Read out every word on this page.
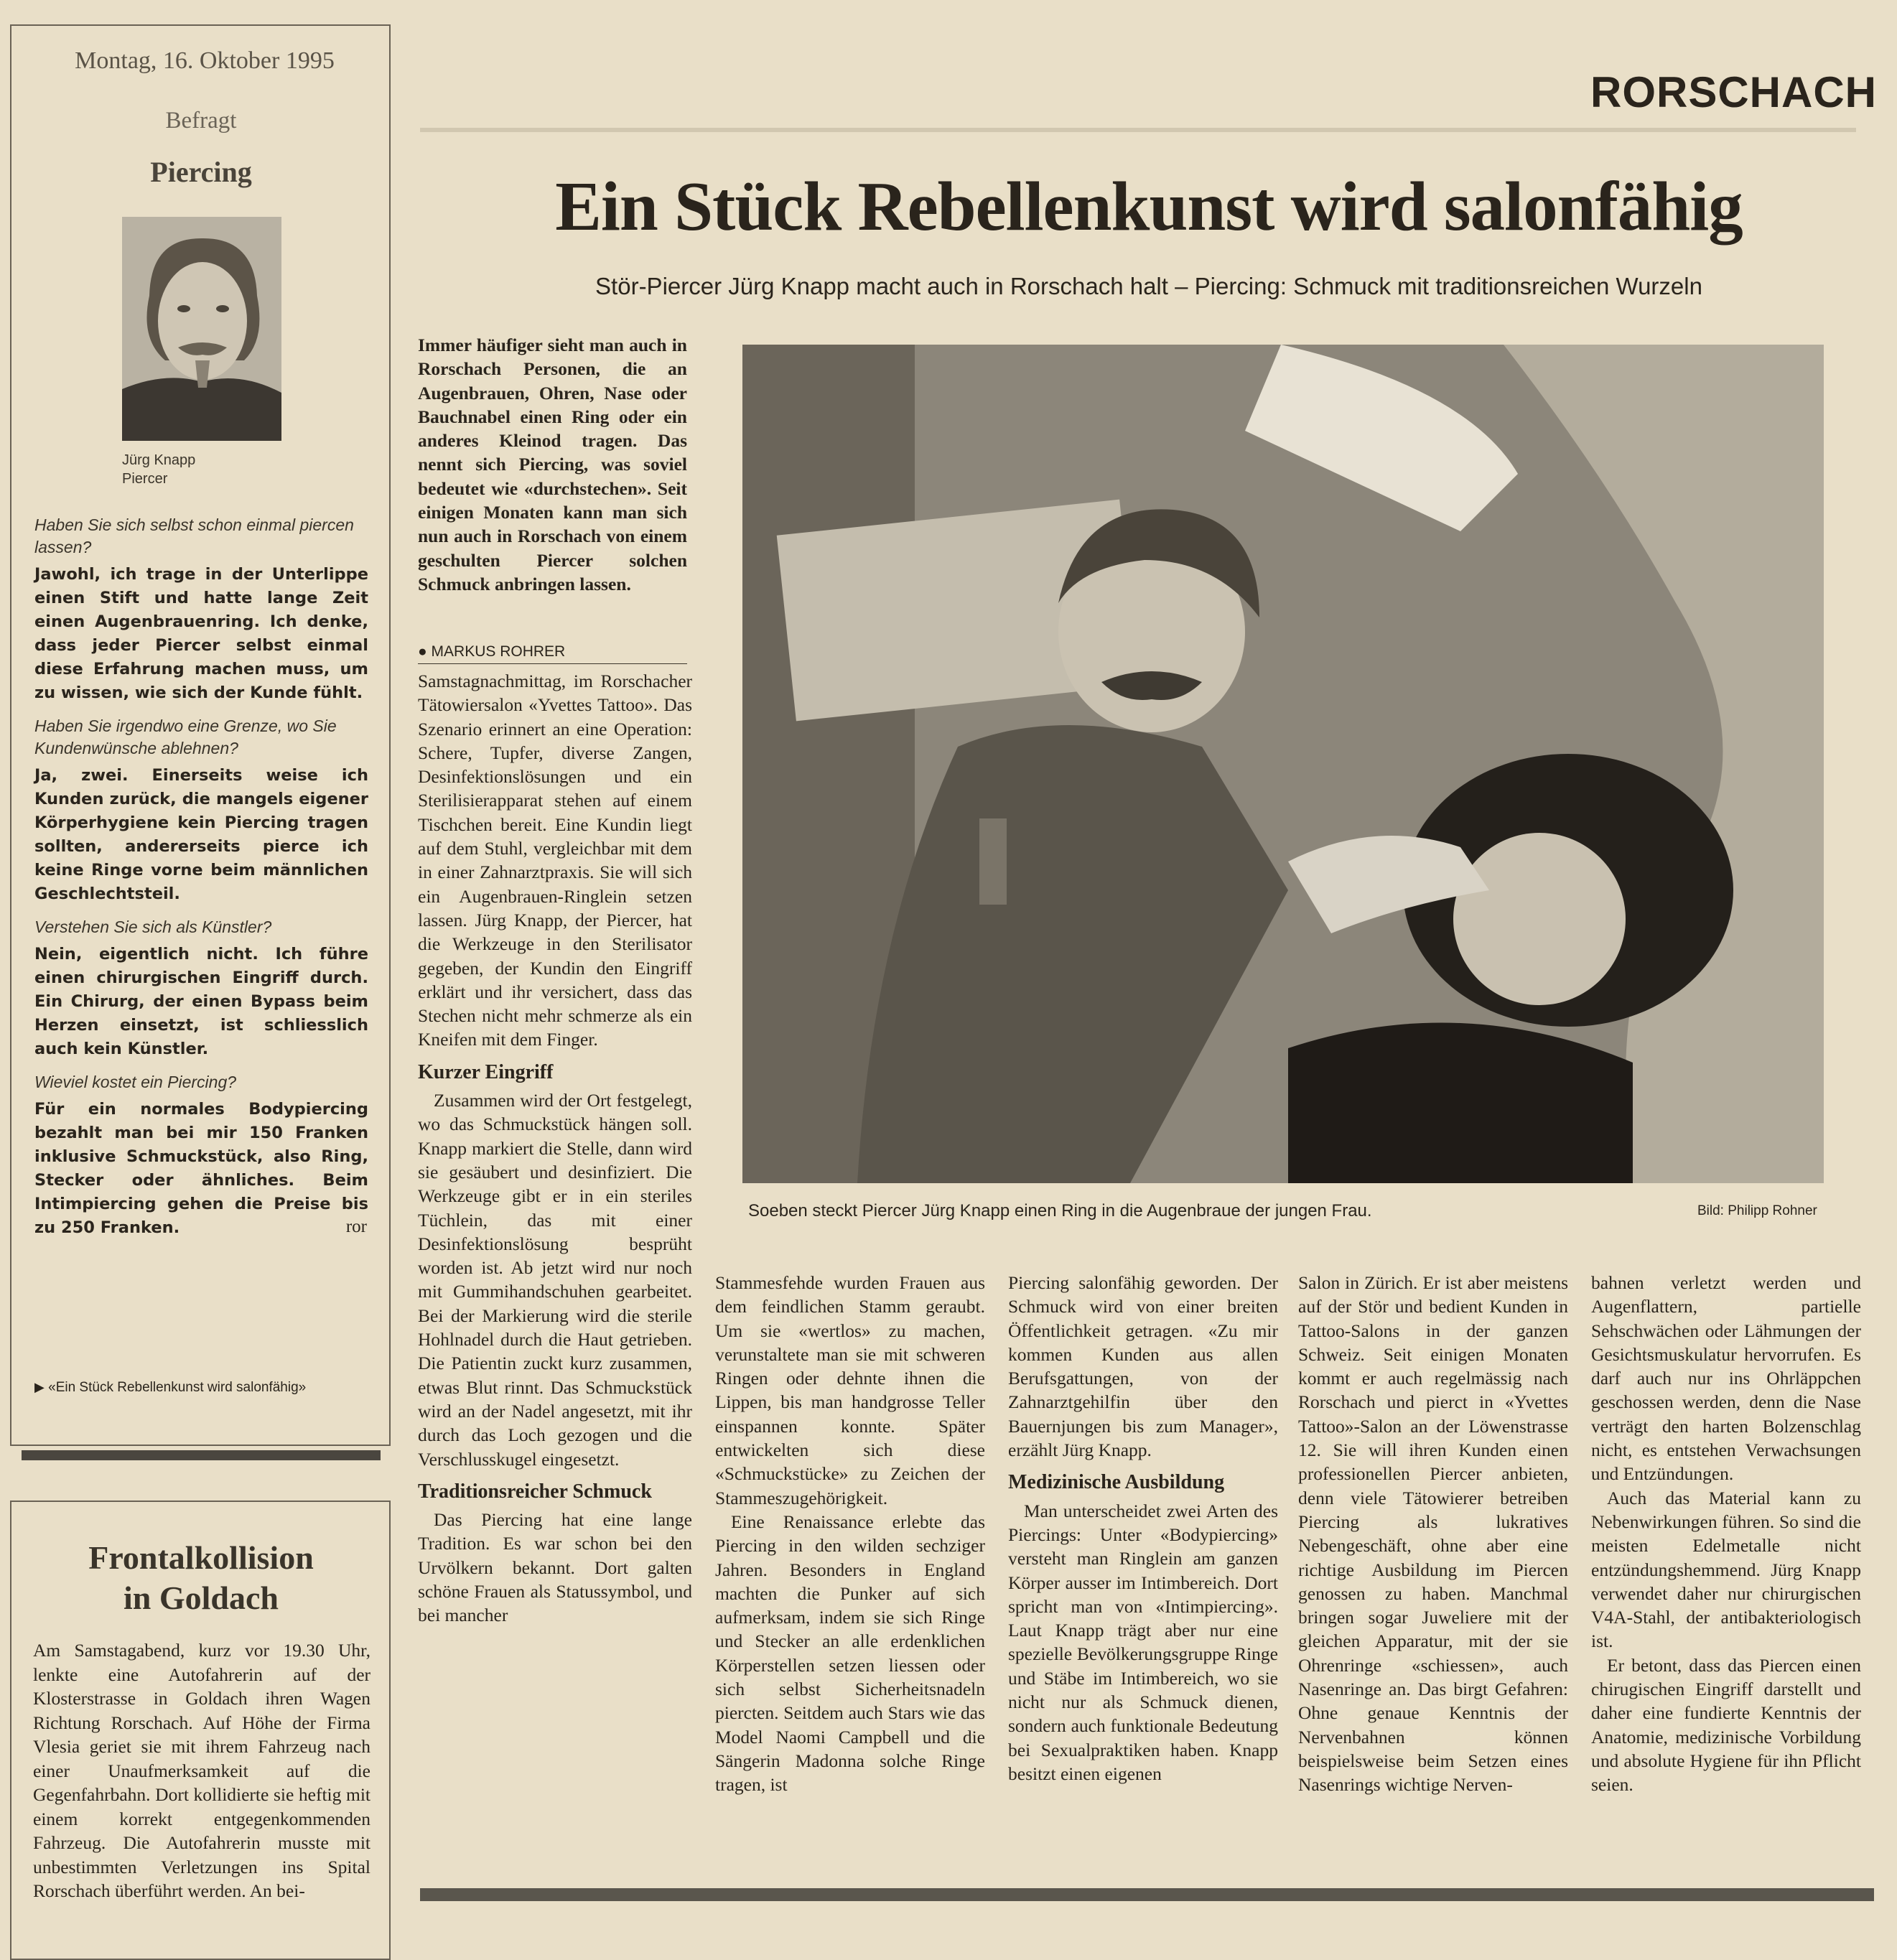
Montag, 16. Oktober 1995
Befragt
Piercing
Jürg Knapp
Piercer
Haben Sie sich selbst schon einmal piercen lassen?
Jawohl, ich trage in der Unterlippe einen Stift und hatte lange Zeit einen Augenbrauenring. Ich denke, dass jeder Piercer selbst einmal diese Erfahrung machen muss, um zu wissen, wie sich der Kunde fühlt.
Haben Sie irgendwo eine Grenze, wo Sie Kundenwünsche ablehnen?
Ja, zwei. Einerseits weise ich Kunden zurück, die mangels eigener Körperhygiene kein Piercing tragen sollten, andererseits pierce ich keine Ringe vorne beim männlichen Geschlechtsteil.
Verstehen Sie sich als Künstler?
Nein, eigentlich nicht. Ich führe einen chirurgischen Eingriff durch. Ein Chirurg, der einen Bypass beim Herzen einsetzt, ist schliesslich auch kein Künstler.
Wieviel kostet ein Piercing?
Für ein normales Bodypiercing bezahlt man bei mir 150 Franken inklusive Schmuckstück, also Ring, Stecker oder ähnliches. Beim Intimpiercing gehen die Preise bis zu 250 Franken.	ror
▶ «Ein Stück Rebellenkunst wird salonfähig»
Frontalkollision
in Goldach

Am Samstagabend, kurz vor 19.30 Uhr, lenkte eine Autofahrerin auf der Klosterstrasse in Goldach ihren Wagen Richtung Rorschach. Auf Höhe der Firma Vlesia geriet sie mit ihrem Fahrzeug nach einer Unaufmerksamkeit auf die Gegenfahrbahn. Dort kollidierte sie heftig mit einem korrekt entgegenkommenden Fahrzeug. Die Autofahrerin musste mit unbestimmten Verletzungen ins Spital Rorschach überführt werden. An bei-

RORSCHACH
Ein Stück Rebellenkunst wird salonfähig
Stör-Piercer Jürg Knapp macht auch in Rorschach halt – Piercing: Schmuck mit traditionsreichen Wurzeln

Immer häufiger sieht man auch in Rorschach Personen, die an Augenbrauen, Ohren, Nase oder Bauchnabel einen Ring oder ein anderes Kleinod tragen. Das nennt sich Piercing, was soviel bedeutet wie «durchstechen». Seit einigen Monaten kann man sich nun auch in Rorschach von einem geschulten Piercer solchen Schmuck anbringen lassen.

● MARKUS ROHRER
Soeben steckt Piercer Jürg Knapp einen Ring in die Augenbraue der jungen Frau.	Bild: Philipp Rohner

Samstagnachmittag, im Rorschacher Tätowiersalon «Yvettes Tattoo». Das Szenario erinnert an eine Operation: Schere, Tupfer, diverse Zangen, Desinfektionslösungen und ein Sterilisierapparat stehen auf einem Tischchen bereit. Eine Kundin liegt auf dem Stuhl, vergleichbar mit dem in einer Zahnarztpraxis. Sie will sich ein Augenbrauen-Ringlein setzen lassen. Jürg Knapp, der Piercer, hat die Werkzeuge in den Sterilisator gegeben, der Kundin den Eingriff erklärt und ihr versichert, dass das Stechen nicht mehr schmerze als ein Kneifen mit dem Finger.

Kurzer Eingriff

Zusammen wird der Ort festgelegt, wo das Schmuckstück hängen soll. Knapp markiert die Stelle, dann wird sie gesäubert und desinfiziert. Die Werkzeuge gibt er in ein steriles Tüchlein, das mit einer Desinfektionslösung besprüht worden ist. Ab jetzt wird nur noch mit Gummihandschuhen gearbeitet. Bei der Markierung wird die sterile Hohlnadel durch die Haut getrieben. Die Patientin zuckt kurz zusammen, etwas Blut rinnt. Das Schmuckstück wird an der Nadel angesetzt, mit ihr durch das Loch gezogen und die Verschlusskugel eingesetzt.

Traditionsreicher Schmuck

Das Piercing hat eine lange Tradition. Es war schon bei den Urvölkern bekannt. Dort galten schöne Frauen als Statussymbol, und bei mancher

Stammesfehde wurden Frauen aus dem feindlichen Stamm geraubt. Um sie «wertlos» zu machen, verunstaltete man sie mit schweren Ringen oder dehnte ihnen die Lippen, bis man handgrosse Teller einspannen konnte. Später entwickelten sich diese «Schmuckstücke» zu Zeichen der Stammeszugehörigkeit.

Eine Renaissance erlebte das Piercing in den wilden sechziger Jahren. Besonders in England machten die Punker auf sich aufmerksam, indem sie sich Ringe und Stecker an alle erdenklichen Körperstellen setzen liessen oder sich selbst Sicherheitsnadeln piercten. Seitdem auch Stars wie das Model Naomi Campbell und die Sängerin Madonna solche Ringe tragen, ist

Piercing salonfähig geworden. Der Schmuck wird von einer breiten Öffentlichkeit getragen. «Zu mir kommen Kunden aus allen Berufsgattungen, von der Zahnarztgehilfin über den Bauernjungen bis zum Manager», erzählt Jürg Knapp.

Medizinische Ausbildung

Man unterscheidet zwei Arten des Piercings: Unter «Bodypiercing» versteht man Ringlein am ganzen Körper ausser im Intimbereich. Dort spricht man von «Intimpiercing». Laut Knapp trägt aber nur eine spezielle Bevölkerungsgruppe Ringe und Stäbe im Intimbereich, wo sie nicht nur als Schmuck dienen, sondern auch funktionale Bedeutung bei Sexualpraktiken haben. Knapp besitzt einen eigenen

Salon in Zürich. Er ist aber meistens auf der Stör und bedient Kunden in Tattoo-Salons in der ganzen Schweiz. Seit einigen Monaten kommt er auch regelmässig nach Rorschach und pierct in «Yvettes Tattoo»-Salon an der Löwenstrasse 12. Sie will ihren Kunden einen professionellen Piercer anbieten, denn viele Tätowierer betreiben Piercing als lukratives Nebengeschäft, ohne aber eine richtige Ausbildung im Piercen genossen zu haben. Manchmal bringen sogar Juweliere mit der gleichen Apparatur, mit der sie Ohrenringe «schiessen», auch Nasenringe an. Das birgt Gefahren: Ohne genaue Kenntnis der Nervenbahnen können beispielsweise beim Setzen eines Nasenrings wichtige Nerven-

bahnen verletzt werden und Augenflattern, partielle Sehschwächen oder Lähmungen der Gesichtsmuskulatur hervorrufen. Es darf auch nur ins Ohrläppchen geschossen werden, denn die Nase verträgt den harten Bolzenschlag nicht, es entstehen Verwachsungen und Entzündungen.

Auch das Material kann zu Nebenwirkungen führen. So sind die meisten Edelmetalle nicht entzündungshemmend. Jürg Knapp verwendet daher nur chirurgischen V4A-Stahl, der antibakteriologisch ist.

Er betont, dass das Piercen einen chirugischen Eingriff darstellt und daher eine fundierte Kenntnis der Anatomie, medizinische Vorbildung und absolute Hygiene für ihn Pflicht seien.
